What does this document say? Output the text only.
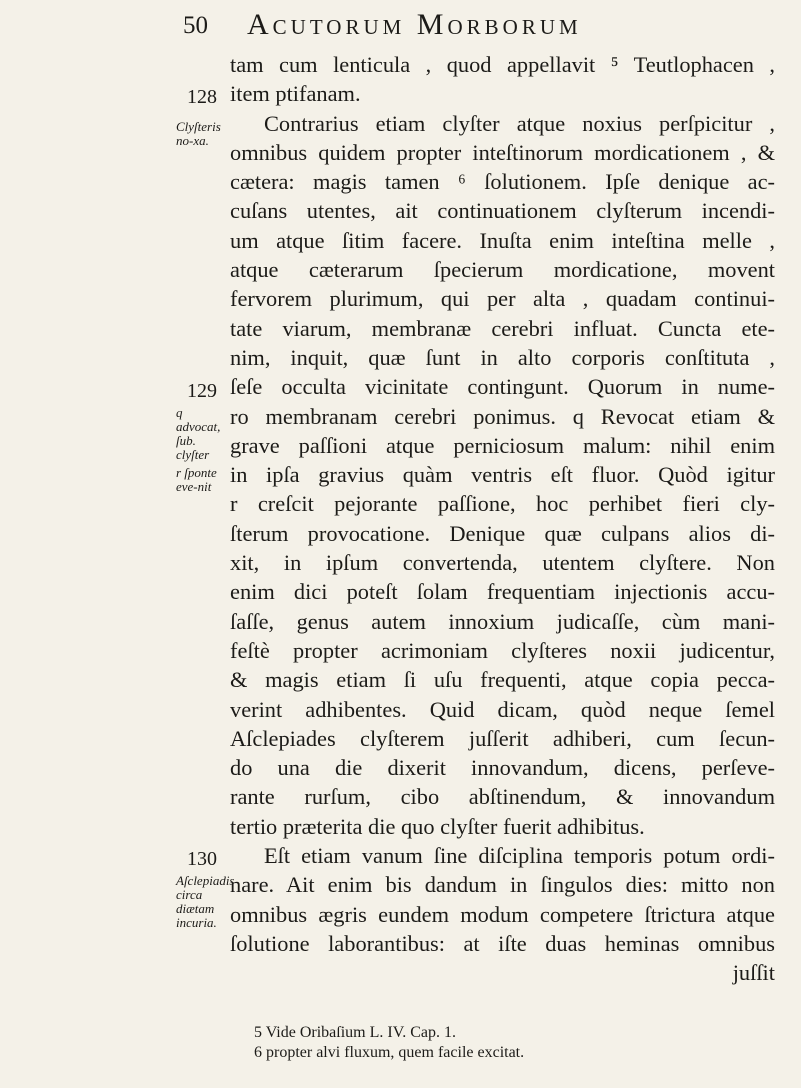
50 Acutorum Morborum
128
Clyſteris no-xa.
129
q advocat, ſub. clyſter
r ſponte eve-nit
130
Aſclepiadis circa diætam incuria.
tam cum lenticula , quod appellavit ⁵ Teutlophacen ,
item ptifanam.
Contrarius etiam clyſter atque noxius perſpicitur ,
omnibus quidem propter inteſtinorum mordicationem , &
cætera: magis tamen ⁶ ſolutionem. Ipſe denique ac-
cuſans utentes, ait continuationem clyſterum incendi-
um atque ſitim facere. Inuſta enim inteſtina melle ,
atque cæterarum ſpecierum mordicatione, movent
fervorem plurimum, qui per alta , quadam continui-
tate viarum, membranæ cerebri influat. Cuncta ete-
nim, inquit, quæ ſunt in alto corporis conſtituta ,
ſeſe occulta vicinitate contingunt. Quorum in nume-
ro membranam cerebri ponimus. q Revocat etiam &
grave paſſioni atque perniciosum malum: nihil enim
in ipſa gravius quàm ventris eſt fluor. Quòd igitur
r creſcit pejorante paſſione, hoc perhibet fieri cly-
ſterum provocatione. Denique quæ culpans alios di-
xit, in ipſum convertenda, utentem clyſtere. Non
enim dici poteſt ſolam frequentiam injectionis accu-
ſaſſe, genus autem innoxium judicaſſe, cùm mani-
feſtè propter acrimoniam clyſteres noxii judicentur,
& magis etiam ſi uſu frequenti, atque copia pecca-
verint adhibentes. Quid dicam, quòd neque ſemel
Aſclepiades clyſterem juſſerit adhiberi, cum ſecun-
do una die dixerit innovandum, dicens, perſeve-
rante rurſum, cibo abſtinendum, & innovandum
tertio præterita die quo clyſter fuerit adhibitus.
Eſt etiam vanum ſine diſciplina temporis potum ordi-
nare. Ait enim bis dandum in ſingulos dies: mitto non
omnibus ægris eundem modum competere ſtrictura atque
ſolutione laborantibus: at iſte duas heminas omnibus
juſſit
5 Vide Oribaſium L. IV. Cap. 1.
6 propter alvi fluxum, quem facile excitat.
